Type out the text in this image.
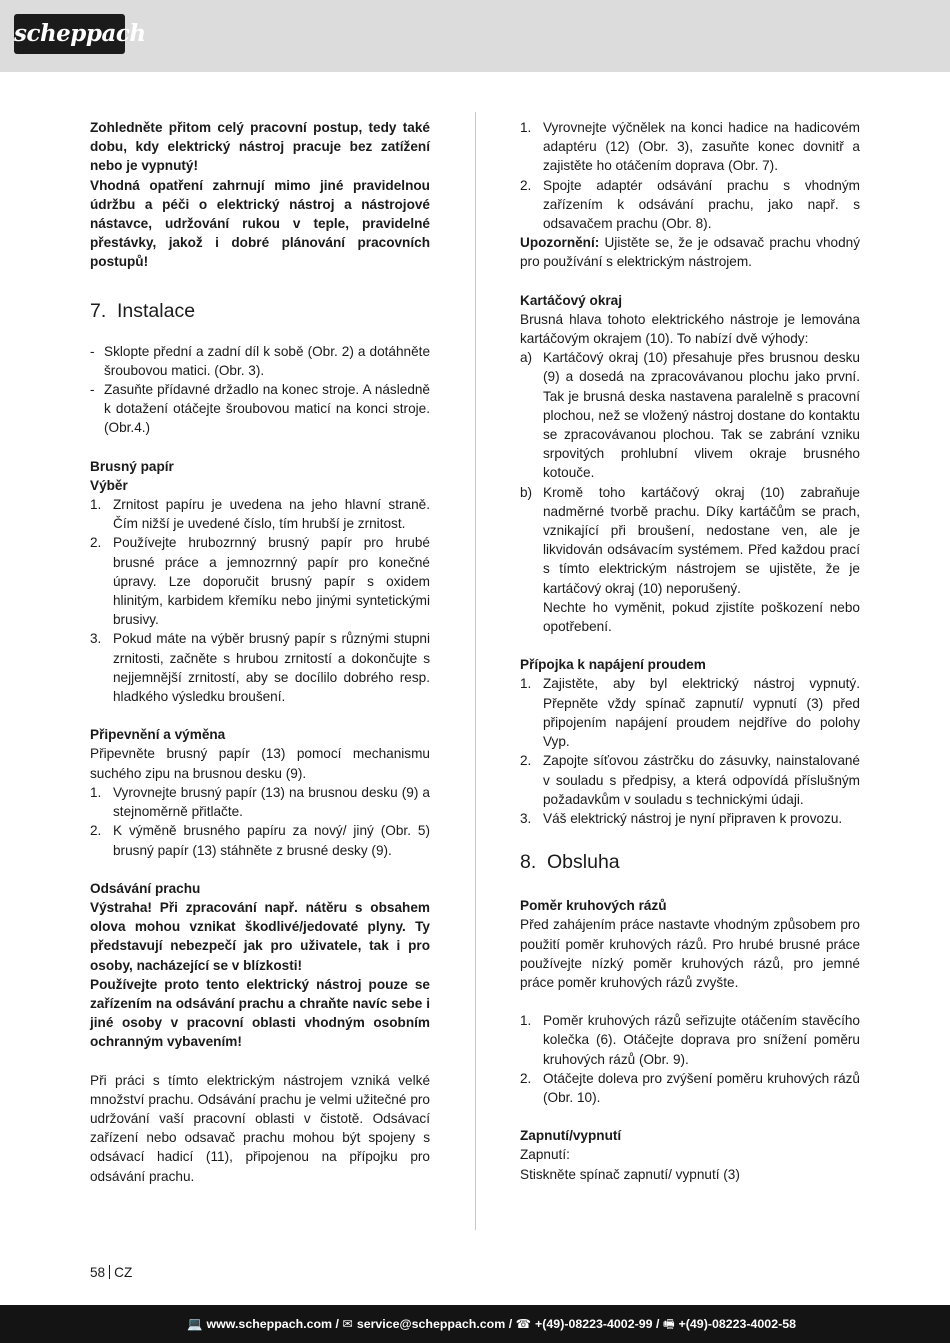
scheppach

Zohledněte přitom celý pracovní postup, tedy také dobu, kdy elektrický nástroj pracuje bez zatížení nebo je vypnutý!

Vhodná opatření zahrnují mimo jiné pravidelnou údržbu a péči o elektrický nástroj a nástrojové nástavce, udržování rukou v teple, pravidelné přestávky, jakož i dobré plánování pracovních postupů!

7. Instalace
- Sklopte přední a zadní díl k sobě (Obr. 2) a dotáhněte šroubovou matici. (Obr. 3).
- Zasuňte přídavné držadlo na konec stroje. A následně k dotažení otáčejte šroubovou maticí na konci stroje. (Obr.4.)

Brusný papír

Výběr

1. Zrnitost papíru je uvedena na jeho hlavní straně. Čím nižší je uvedené číslo, tím hrubší je zrnitost.
2. Používejte hrubozrnný brusný papír pro hrubé brusné práce a jemnozrnný papír pro konečné úpravy. Lze doporučit brusný papír s oxidem hlinitým, karbidem křemíku nebo jinými syntetickými brusivy.
3. Pokud máte na výběr brusný papír s různými stupni zrnitosti, začněte s hrubou zrnitostí a dokončujte s nejjemnější zrnitostí, aby se docílilo dobrého resp. hladkého výsledku broušení.

Připevnění a výměna

Připevněte brusný papír (13) pomocí mechanismu suchého zipu na brusnou desku (9).

1. Vyrovnejte brusný papír (13) na brusnou desku (9) a stejnoměrně přitlačte.
2. K výměně brusného papíru za nový/ jiný (Obr. 5) brusný papír (13) stáhněte z brusné desky (9).

Odsávání prachu

Výstraha! Při zpracování např. nátěru s obsahem olova mohou vznikat škodlivé/jedovaté plyny. Ty představují nebezpečí jak pro uživatele, tak i pro osoby, nacházející se v blízkosti!

Používejte proto tento elektrický nástroj pouze se zařízením na odsávání prachu a chraňte navíc sebe i jiné osoby v pracovní oblasti vhodným osobním ochranným vybavením!

Při práci s tímto elektrickým nástrojem vzniká velké množství prachu. Odsávání prachu je velmi užitečné pro udržování vaší pracovní oblasti v čistotě. Odsávací zařízení nebo odsavač prachu mohou být spojeny s odsávací hadicí (11), připojenou na přípojku pro odsávání prachu.

1. Vyrovnejte výčnělek na konci hadice na hadicovém adaptéru (12) (Obr. 3), zasuňte konec dovnitř a zajistěte ho otáčením doprava (Obr. 7).
2. Spojte adaptér odsávání prachu s vhodným zařízením k odsávání prachu, jako např. s odsavačem prachu (Obr. 8).

Upozornění: Ujistěte se, že je odsavač prachu vhodný pro používání s elektrickým nástrojem.

Kartáčový okraj

Brusná hlava tohoto elektrického nástroje je lemována kartáčovým okrajem (10). To nabízí dvě výhody:

a) Kartáčový okraj (10) přesahuje přes brusnou desku (9) a dosedá na zpracovávanou plochu jako první. Tak je brusná deska nastavena paralelně s pracovní plochou, než se vložený nástroj dostane do kontaktu se zpracovávanou plochou. Tak se zabrání vzniku srpovitých prohlubní vlivem okraje brusného kotouče.
b) Kromě toho kartáčový okraj (10) zabraňuje nadměrné tvorbě prachu. Díky kartáčům se prach, vznikající při broušení, nedostane ven, ale je likvidován odsávacím systémem. Před každou prací s tímto elektrickým nástrojem se ujistěte, že je kartáčový okraj (10) neporušený.
Nechte ho vyměnit, pokud zjistíte poškození nebo opotřebení.

Přípojka k napájení proudem

1. Zajistěte, aby byl elektrický nástroj vypnutý. Přepněte vždy spínač zapnutí/ vypnutí (3) před připojením napájení proudem nejdříve do polohy Vyp.
2. Zapojte síťovou zástrčku do zásuvky, nainstalované v souladu s předpisy, a která odpovídá příslušným požadavkům v souladu s technickými údaji.
3. Váš elektrický nástroj je nyní připraven k provozu.
8. Obsluha

Poměr kruhových rázů

Před zahájením práce nastavte vhodným způsobem pro použití poměr kruhových rázů. Pro hrubé brusné práce používejte nízký poměr kruhových rázů, pro jemné práce poměr kruhových rázů zvyšte.

1. Poměr kruhových rázů seřizujte otáčením stavěcího kolečka (6). Otáčejte doprava pro snížení poměru kruhových rázů (Obr. 9).
2. Otáčejte doleva pro zvýšení poměru kruhových rázů (Obr. 10).

Zapnutí/vypnutí

Zapnutí:

Stiskněte spínač zapnutí/ vypnutí (3)

58 CZ
💻 www.scheppach.com / ✉ service@scheppach.com / ☎ +(49)-08223-4002-99 / 🖷 +(49)-08223-4002-58
